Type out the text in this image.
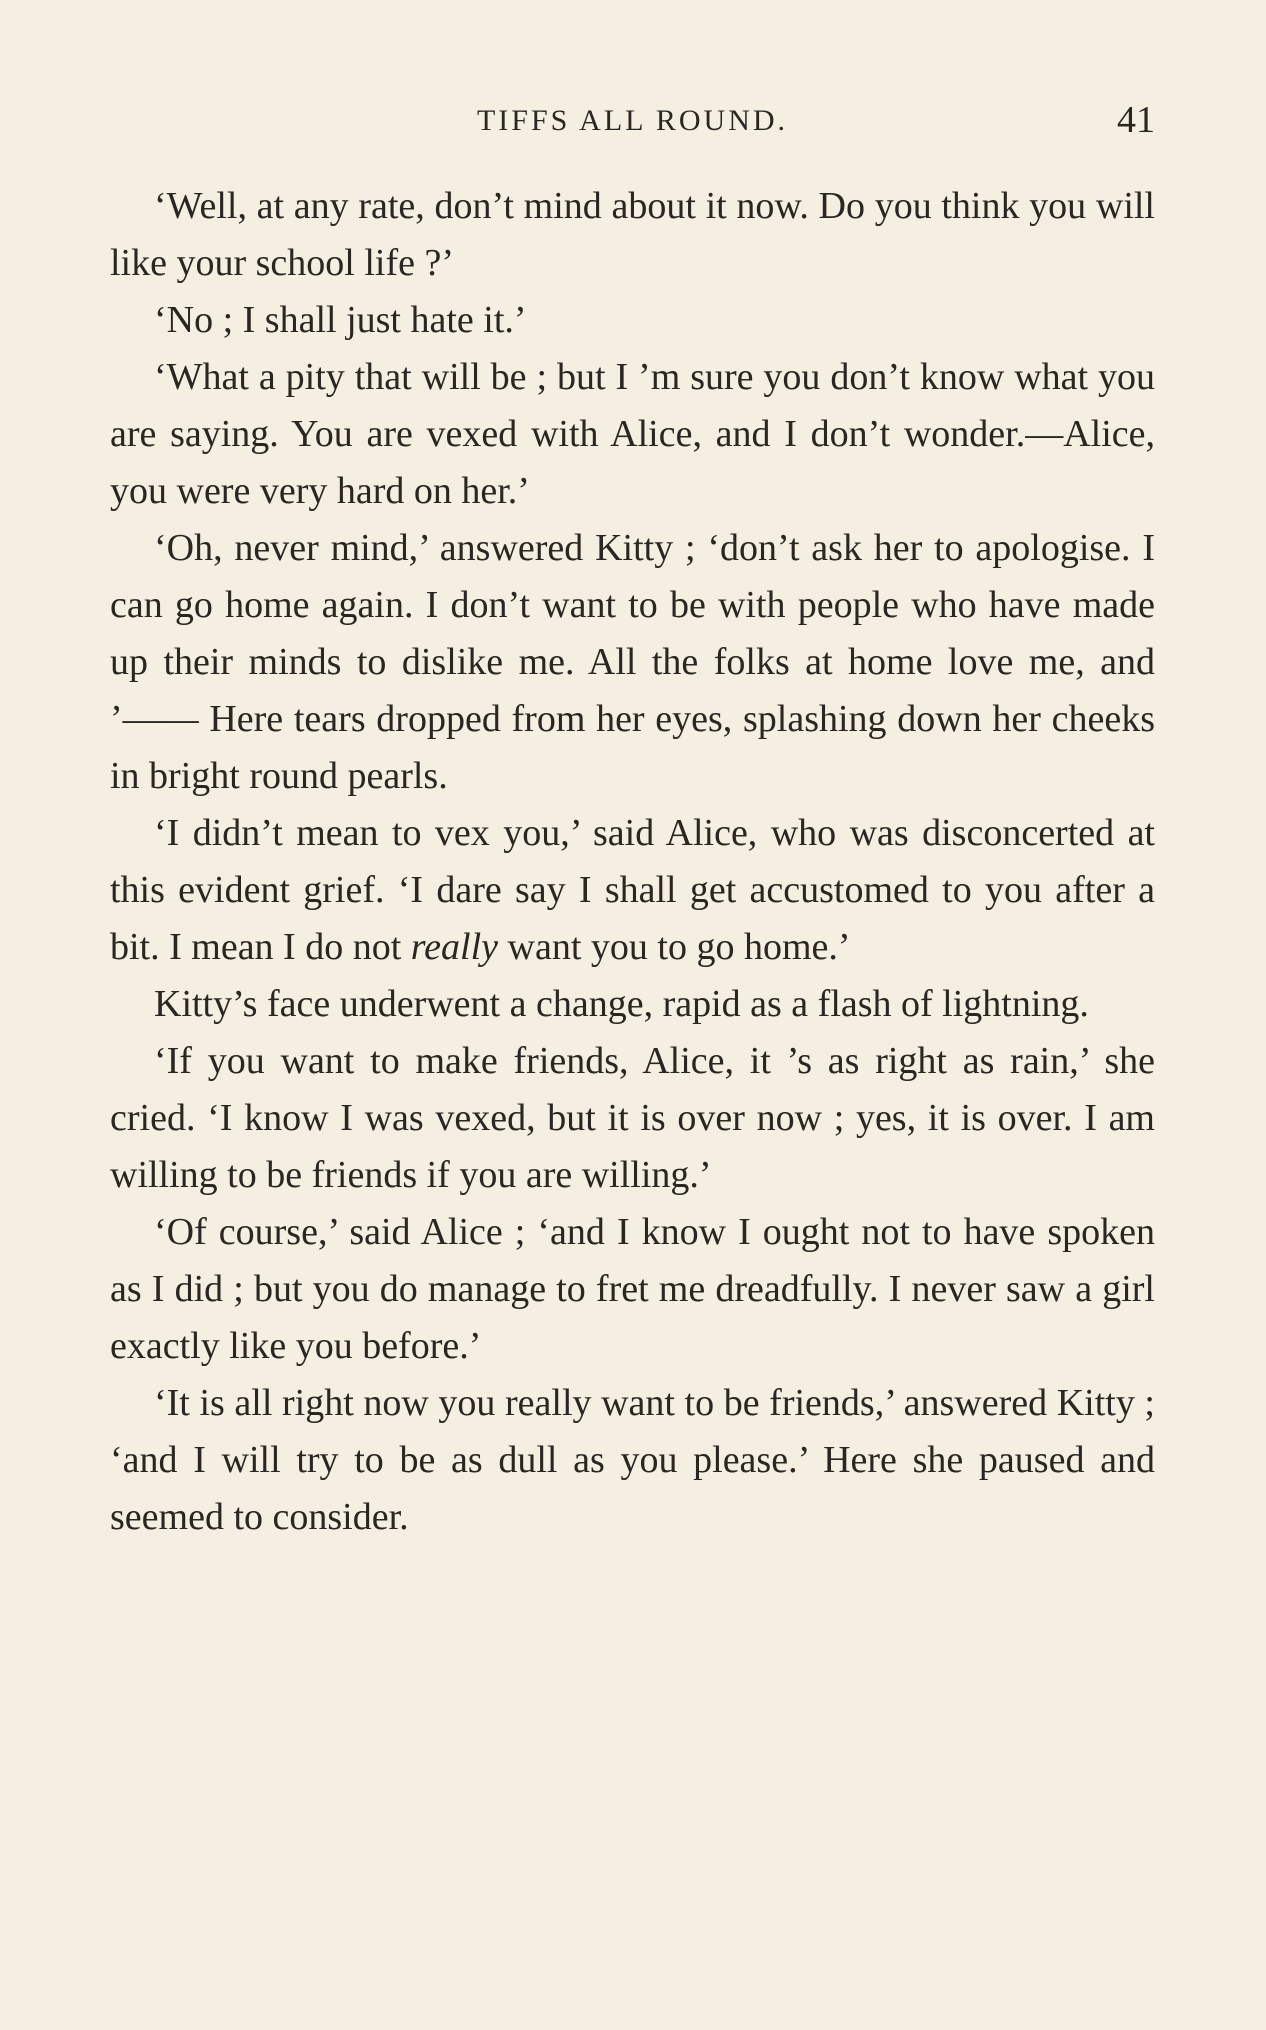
TIFFS ALL ROUND.	41

‘Well, at any rate, don’t mind about it now. Do you think you will like your school life ?’

‘No ; I shall just hate it.’

‘What a pity that will be ; but I ’m sure you don’t know what you are saying. You are vexed with Alice, and I don’t wonder.—Alice, you were very hard on her.’

‘Oh, never mind,’ answered Kitty ; ‘don’t ask her to apologise. I can go home again. I don’t want to be with people who have made up their minds to dislike me. All the folks at home love me, and ’—— Here tears dropped from her eyes, splashing down her cheeks in bright round pearls.

‘I didn’t mean to vex you,’ said Alice, who was disconcerted at this evident grief. ‘I dare say I shall get accustomed to you after a bit. I mean I do not really want you to go home.’

Kitty’s face underwent a change, rapid as a flash of lightning.

‘If you want to make friends, Alice, it ’s as right as rain,’ she cried. ‘I know I was vexed, but it is over now ; yes, it is over. I am willing to be friends if you are willing.’

‘Of course,’ said Alice ; ‘and I know I ought not to have spoken as I did ; but you do manage to fret me dreadfully. I never saw a girl exactly like you before.’

‘It is all right now you really want to be friends,’ answered Kitty ; ‘and I will try to be as dull as you please.’ Here she paused and seemed to consider.
